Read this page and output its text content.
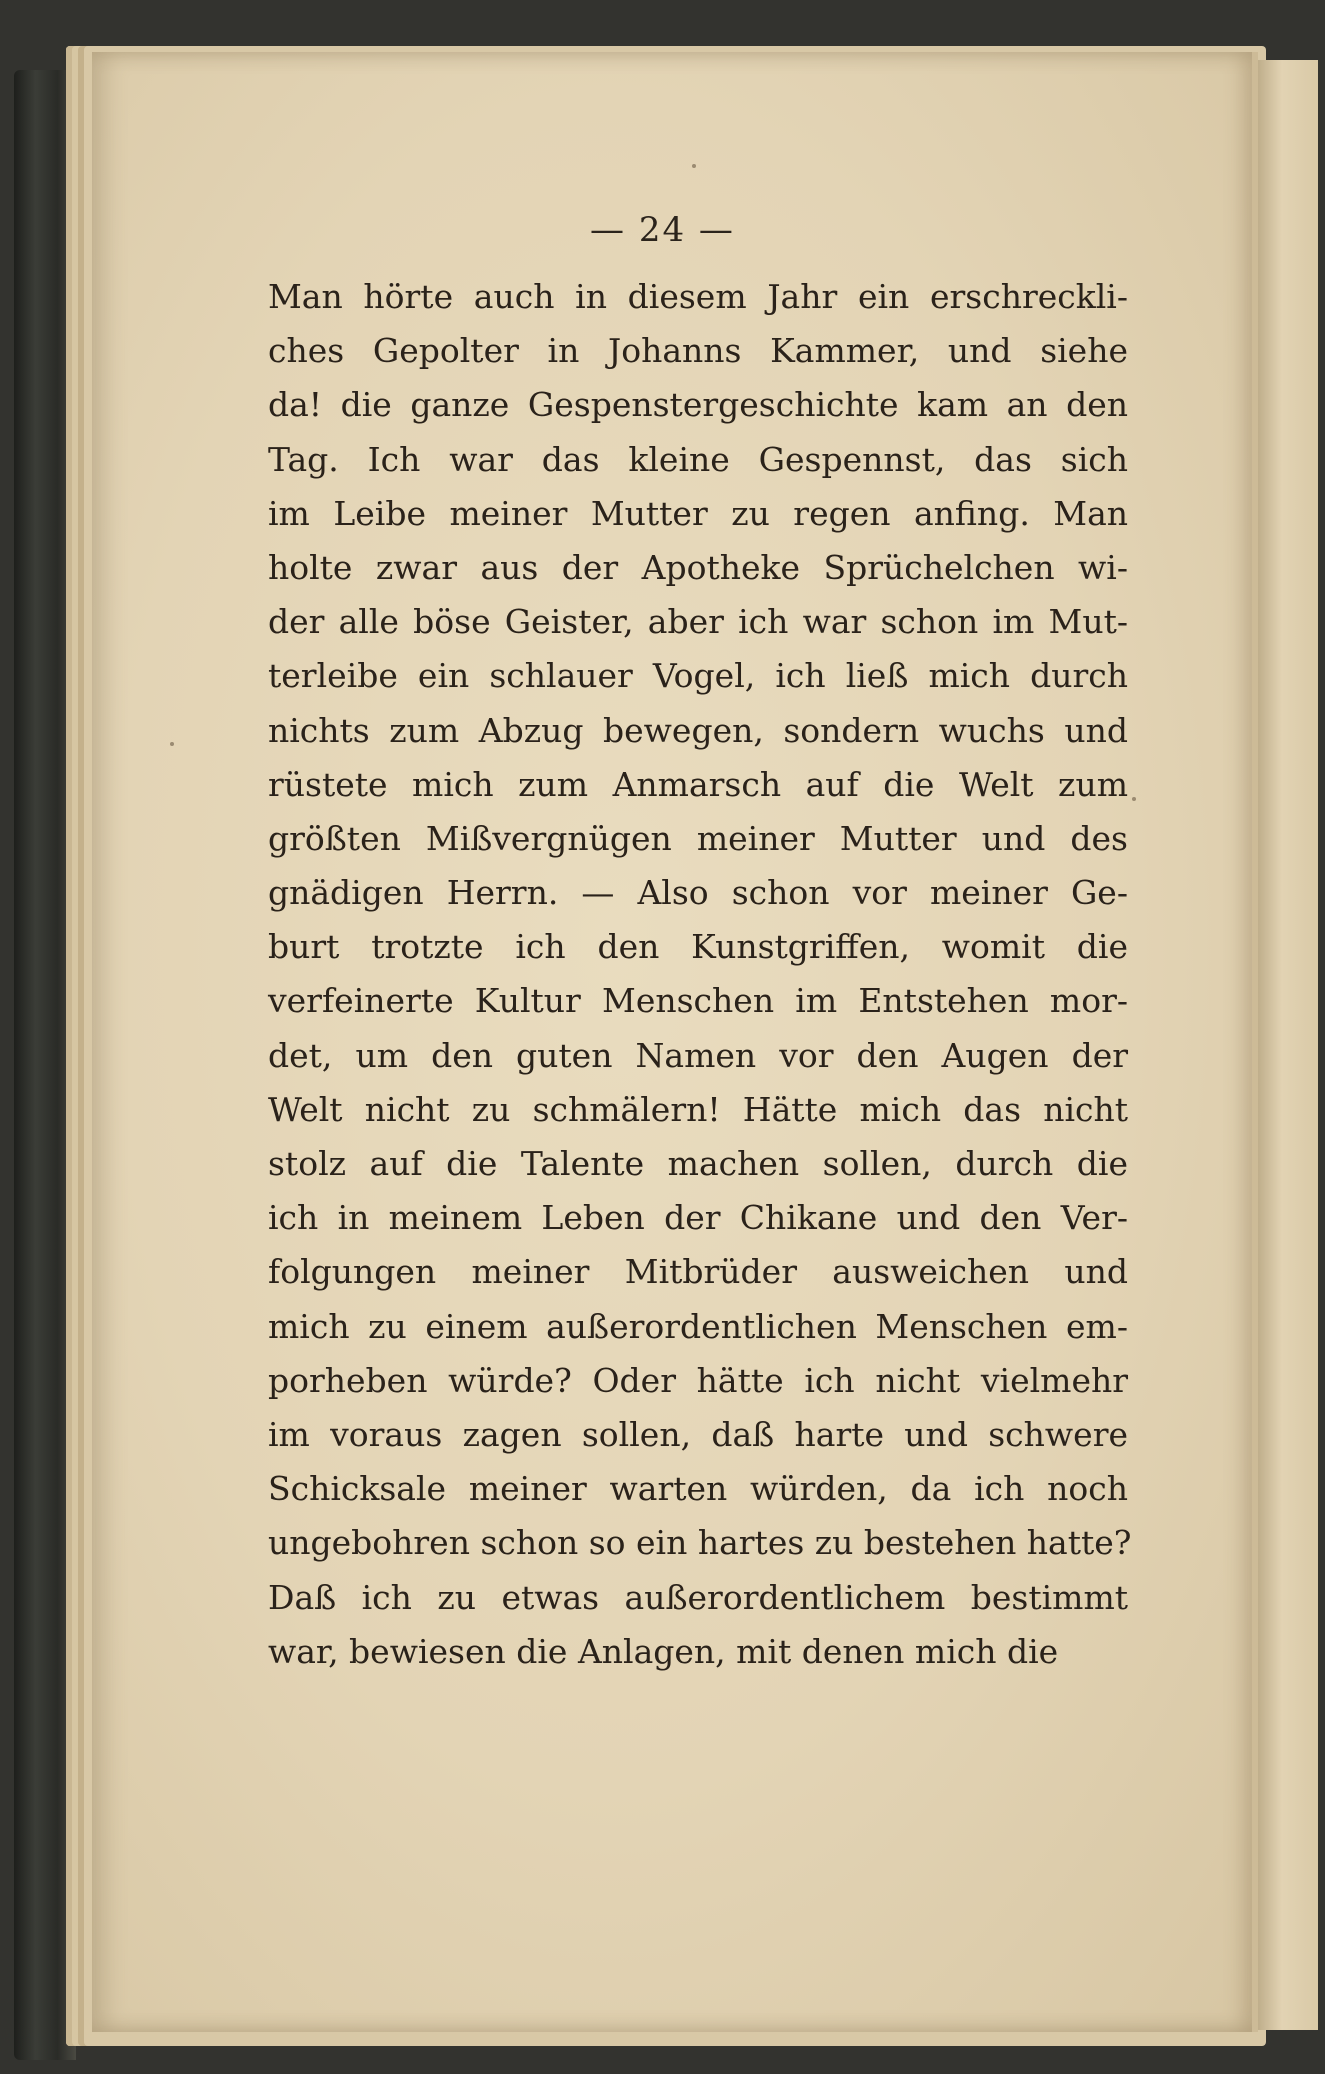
— 24 —
Man hörte auch in diesem Jahr ein erschreckli-
ches Gepolter in Johanns Kammer, und siehe
da! die ganze Gespenstergeschichte kam an den
Tag. Ich war das kleine Gespennst, das sich
im Leibe meiner Mutter zu regen anfing. Man
holte zwar aus der Apotheke Sprüchelchen wi-
der alle böse Geister, aber ich war schon im Mut-
terleibe ein schlauer Vogel, ich ließ mich durch
nichts zum Abzug bewegen, sondern wuchs und
rüstete mich zum Anmarsch auf die Welt zum
größten Mißvergnügen meiner Mutter und des
gnädigen Herrn. — Also schon vor meiner Ge-
burt trotzte ich den Kunstgriffen, womit die
verfeinerte Kultur Menschen im Entstehen mor-
det, um den guten Namen vor den Augen der
Welt nicht zu schmälern! Hätte mich das nicht
stolz auf die Talente machen sollen, durch die
ich in meinem Leben der Chikane und den Ver-
folgungen meiner Mitbrüder ausweichen und
mich zu einem außerordentlichen Menschen em-
porheben würde? Oder hätte ich nicht vielmehr
im voraus zagen sollen, daß harte und schwere
Schicksale meiner warten würden, da ich noch
ungebohren schon so ein hartes zu bestehen hatte?
Daß ich zu etwas außerordentlichem bestimmt
war, bewiesen die Anlagen, mit denen mich die
